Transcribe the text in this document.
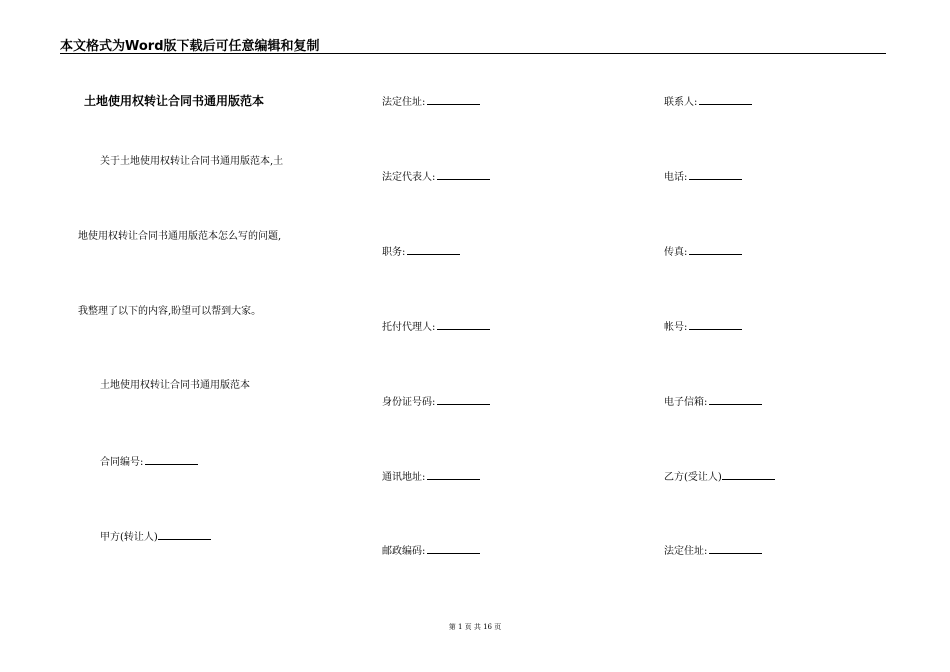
本文格式为Word版下载后可任意编辑和复制
土地使用权转让合同书通用版范本
关于土地使用权转让合同书通用版范本,土
地使用权转让合同书通用版范本怎么写的问题,
我整理了以下的内容,盼望可以帮到大家。
土地使用权转让合同书通用版范本
合同编号:
甲方(转让人)
法定住址:
法定代表人:
职务:
托付代理人:
身份证号码:
通讯地址:
邮政编码:
联系人:
电话:
传真:
帐号:
电子信箱:
乙方(受让人)
法定住址:
第 1 页 共 16 页
